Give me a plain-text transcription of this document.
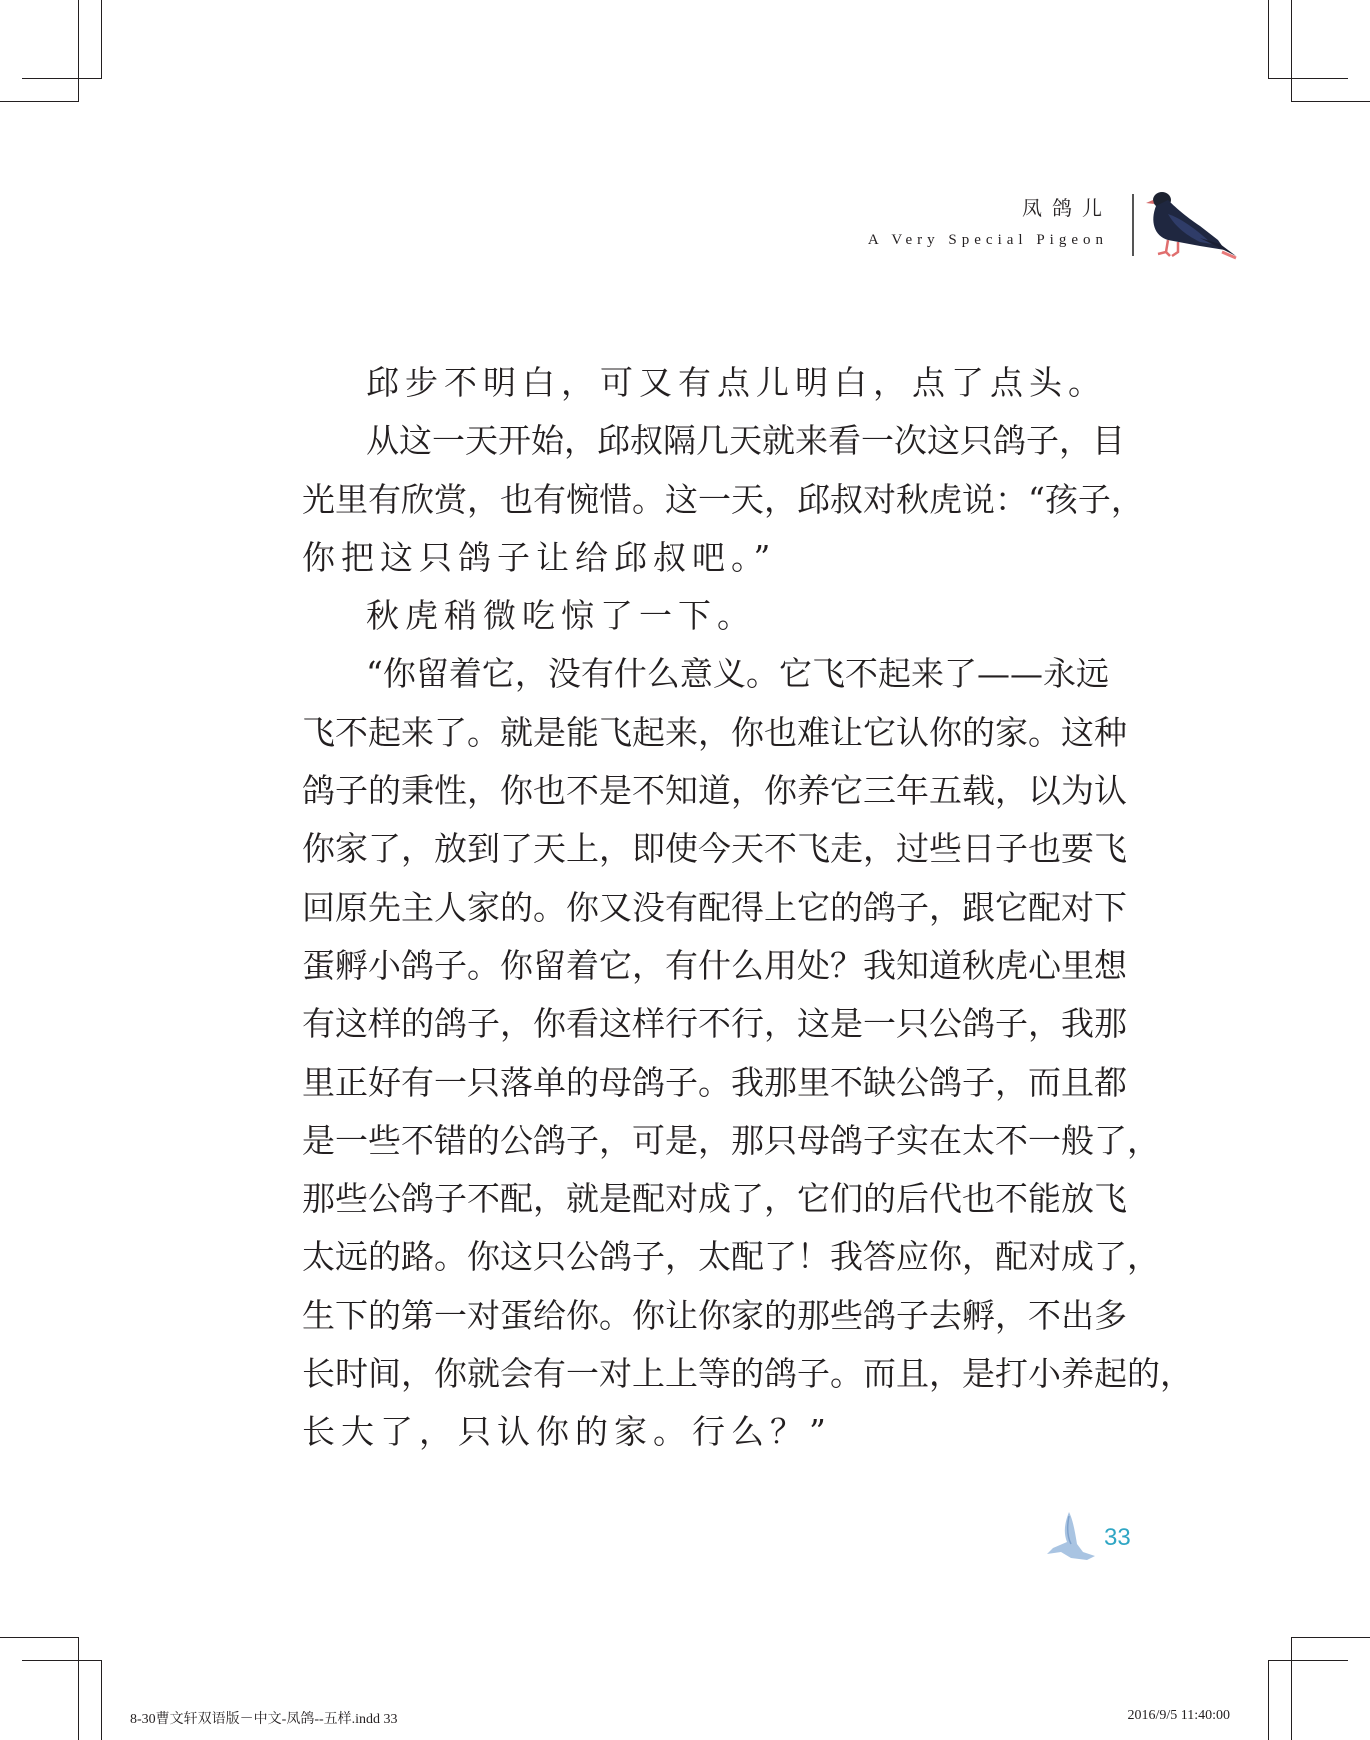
凤鸽儿
A Very Special Pigeon
邱步不明白，可又有点儿明白，点了点头。
从这一天开始，邱叔隔几天就来看一次这只鸽子，目
光里有欣赏，也有惋惜。这一天，邱叔对秋虎说：“孩子，
你把这只鸽子让给邱叔吧。”
秋虎稍微吃惊了一下。
“你留着它，没有什么意义。它飞不起来了——永远
飞不起来了。就是能飞起来，你也难让它认你的家。这种
鸽子的秉性，你也不是不知道，你养它三年五载，以为认
你家了，放到了天上，即使今天不飞走，过些日子也要飞
回原先主人家的。你又没有配得上它的鸽子，跟它配对下
蛋孵小鸽子。你留着它，有什么用处？我知道秋虎心里想
有这样的鸽子，你看这样行不行，这是一只公鸽子，我那
里正好有一只落单的母鸽子。我那里不缺公鸽子，而且都
是一些不错的公鸽子，可是，那只母鸽子实在太不一般了，
那些公鸽子不配，就是配对成了，它们的后代也不能放飞
太远的路。你这只公鸽子，太配了！我答应你，配对成了，
生下的第一对蛋给你。你让你家的那些鸽子去孵，不出多
长时间，你就会有一对上上等的鸽子。而且，是打小养起的，
长大了，只认你的家。行么？”
33
8-30曹文轩双语版－中文-凤鸽--五样.indd 33	2016/9/5 11:40:00
